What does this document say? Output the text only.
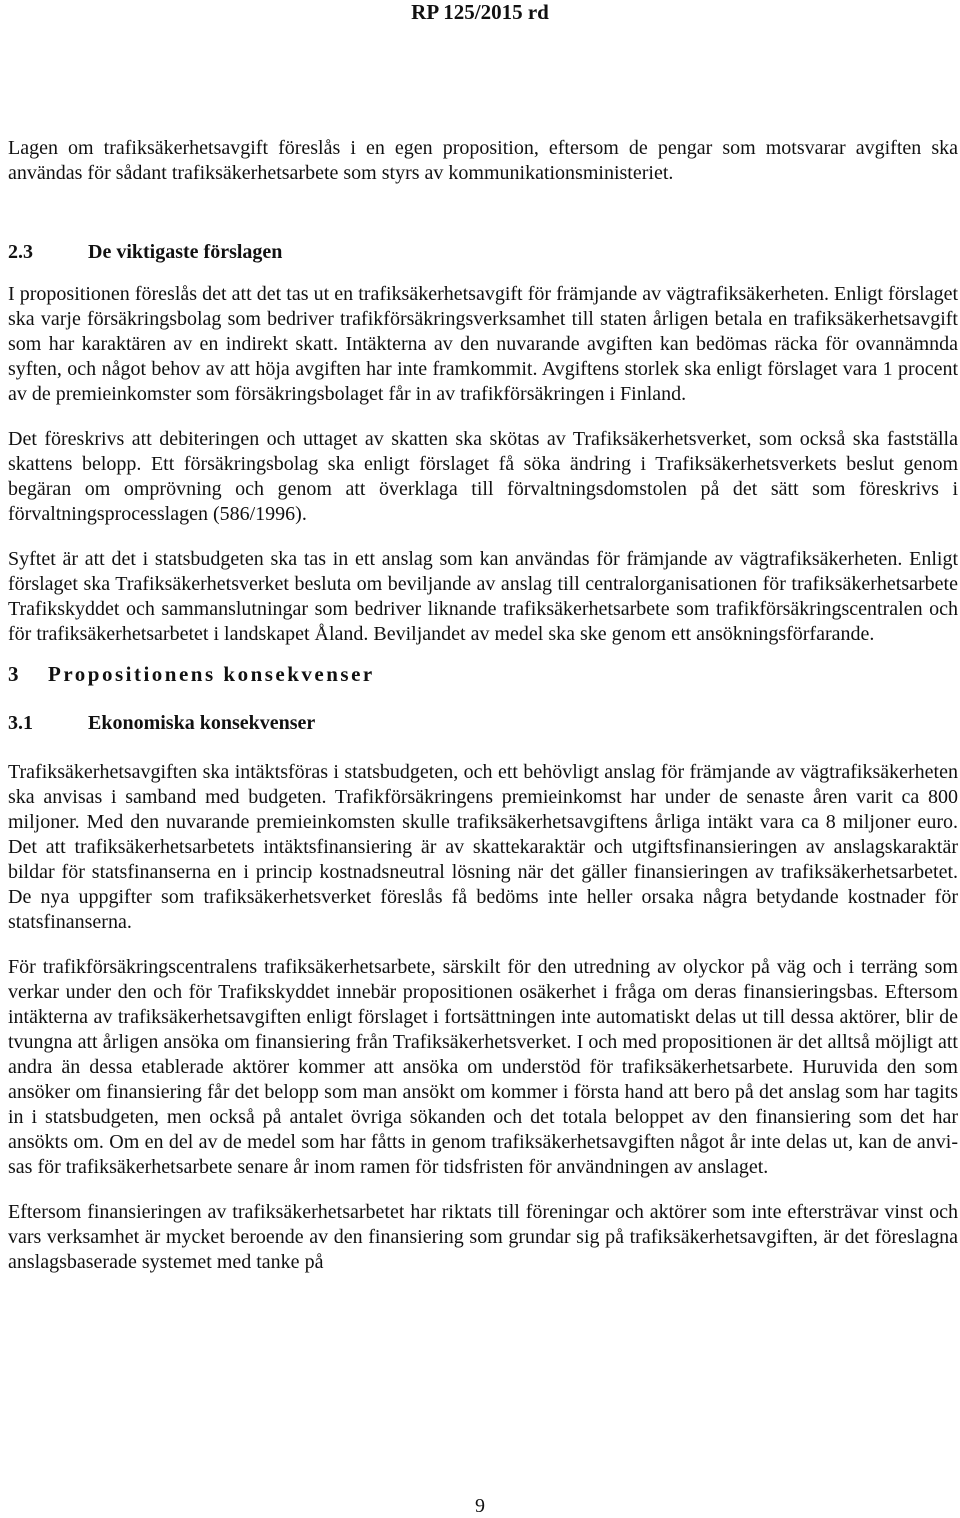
RP 125/2015 rd

Lagen om trafiksäkerhetsavgift föreslås i en egen proposition, eftersom de pengar som motsvarar avgiften ska användas för sådant trafiksäkerhetsarbete som styrs av kommunikationsministeriet.

2.3	De viktigaste förslagen

I propositionen föreslås det att det tas ut en trafiksäkerhetsavgift för främjande av vägtrafiksäkerheten. Enligt förslaget ska varje försäkringsbolag som bedriver trafikförsäkringsverksamhet till staten årligen betala en trafiksäkerhetsavgift som har karaktären av en indirekt skatt. Intäkterna av den nuvarande avgiften kan bedömas räcka för ovannämnda syften, och något behov av att höja avgiften har inte framkommit. Avgiftens storlek ska enligt förslaget vara 1 procent av de premieinkomster som försäkringsbolaget får in av trafikförsäkringen i Finland.

Det föreskrivs att debiteringen och uttaget av skatten ska skötas av Trafiksäkerhetsverket, som också ska fastställa skattens belopp. Ett försäkringsbolag ska enligt förslaget få söka ändring i Trafiksäkerhetsverkets beslut genom begäran om omprövning och genom att överklaga till förvaltningsdomstolen på det sätt som föreskrivs i förvaltningsprocesslagen (586/1996).

Syftet är att det i statsbudgeten ska tas in ett anslag som kan användas för främjande av vägtrafiksäkerheten. Enligt förslaget ska Trafiksäkerhetsverket besluta om beviljande av anslag till centralorganisationen för trafiksäkerhetsarbete Trafikskyddet och sammanslutningar som bedriver liknande trafiksäkerhetsarbete som trafikförsäkringscentralen och för trafiksäkerhetsarbetet i landskapet Åland. Beviljandet av medel ska ske genom ett ansökningsförfarande.

3 Propositionens konsekvenser
3.1	Ekonomiska konsekvenser

Trafiksäkerhetsavgiften ska intäktsföras i statsbudgeten, och ett behövligt anslag för främjande av vägtrafiksäkerheten ska anvisas i samband med budgeten. Trafikförsäkringens premieinkomst har under de senaste åren varit ca 800 miljoner. Med den nuvarande premieinkomsten skulle trafiksäkerhetsavgiftens årliga intäkt vara ca 8 miljoner euro. Det att trafiksäkerhetsarbetets intäktsfinansiering är av skattekaraktär och utgiftsfinansieringen av anslagskaraktär bildar för statsfinanserna en i princip kostnadsneutral lösning när det gäller finansieringen av trafiksäkerhetsarbetet. De nya uppgifter som trafiksäkerhetsverket föreslås få bedöms inte heller orsaka några betydande kostnader för statsfinanserna.

För trafikförsäkringscentralens trafiksäkerhetsarbete, särskilt för den utredning av olyckor på väg och i terräng som verkar under den och för Trafikskyddet innebär propositionen osäkerhet i fråga om deras finansieringsbas. Eftersom intäkterna av trafiksäkerhetsavgiften enligt förslaget i fortsättningen inte automatiskt delas ut till dessa aktörer, blir de tvungna att årligen ansöka om finansiering från Trafiksäkerhetsverket. I och med propositionen är det alltså möjligt att andra än dessa etablerade aktörer kommer att ansöka om understöd för trafiksäkerhetsarbete. Huruvida den som ansöker om finansiering får det belopp som man ansökt om kommer i första hand att bero på det anslag som har tagits in i statsbudgeten, men också på antalet övriga sökanden och det totala beloppet av den finansiering som det har ansökts om. Om en del av de medel som har fåtts in genom trafiksäkerhetsavgiften något år inte delas ut, kan de anvisas för trafiksäkerhetsarbete senare år inom ramen för tidsfristen för användningen av anslaget.

Eftersom finansieringen av trafiksäkerhetsarbetet har riktats till föreningar och aktörer som inte eftersträvar vinst och vars verksamhet är mycket beroende av den finansiering som grundar sig på trafiksäkerhetsavgiften, är det föreslagna anslagsbaserade systemet med tanke på

9
